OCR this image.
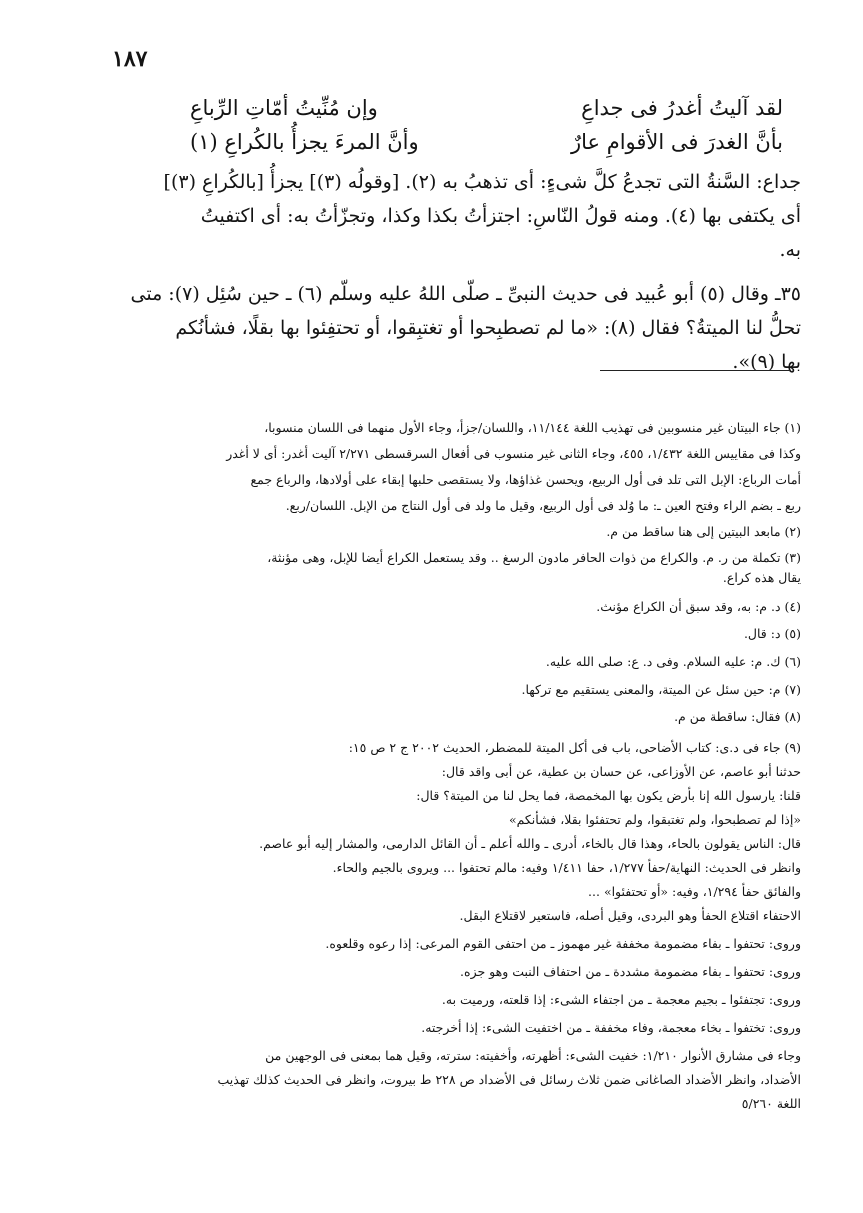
١٨٧
لقد آليتُ أغدرُ فى جداعِ
وإن مُنِّيتُ أمّاتِ الرِّباعِ
بأنَّ الغدرَ فى الأقوامِ عارٌ
وأنَّ المرءَ يجزأُ بالكُراعِ (١)
جداع: السَّنةُ التى تجدعُ كلَّ شىءٍ: أى تذهبُ به (٢). [وقولُه (٣)] يجزأُ [بالكُراعِ (٣)]
أى يكتفى بها (٤). ومنه قولُ النّاسِ: اجتزأتُ بكذا وكذا، وتجزّأتُ به: أى اكتفيتُ
به.
٣٥ـ وقال (٥) أبو عُبيد فى حديث النبىِّ ـ صلّى اللهُ عليه وسلّم (٦) ـ حين سُئِل (٧): متى
تحلُّ لنا الميتةُ؟ فقال (٨): «ما لم تصطبِحوا أو تغتبِقوا، أو تحتفِئوا بها بقلًا، فشأنُكم
بها (٩)».
(١) جاء البيتان غير منسوبين فى تهذيب اللغة ١١/١٤٤، واللسان/جزأ، وجاء الأول منهما فى اللسان منسوبا،
وكذا فى مقاييس اللغة ١/٤٣٢، ٤٥٥، وجاء الثانى غير منسوب فى أفعال السرقسطى ٢/٢٧١ آليت أغدر: أى لا أغدر
أمات الرباع: الإبل التى تلد فى أول الربيع، ويحسن غذاؤها، ولا يستقصى حلبها إبقاء على أولادها، والرباع جمع
ربع ـ بضم الراء وفتح العين ـ: ما وُلد فى أول الربيع، وقيل ما ولد فى أول النتاج من الإبل. اللسان/ربع.
(٢) مابعد البيتين إلى هنا ساقط من م.
(٣) تكملة من ر. م. والكراع من ذوات الحافر مادون الرسغ .. وقد يستعمل الكراع أيضا للإبل، وهى مؤنثة،
يقال هذه كراع.
(٤) د. م: به، وقد سبق أن الكراع مؤنث.
(٥) د: قال.
(٦) ك. م: عليه السلام. وفى د. ع: صلى الله عليه.
(٧) م: حين سئل عن الميتة، والمعنى يستقيم مع تركها.
(٨) فقال: ساقطة من م.
(٩) جاء فى د.ى: كتاب الأضاحى، باب فى أكل الميتة للمضطر، الحديث ٢٠٠٢ ج ٢ ص ١٥:
حدثنا أبو عاصم، عن الأوزاعى، عن حسان بن عطية، عن أبى واقد قال:
قلنا: يارسول الله إنا بأرض يكون بها المخمصة، فما يحل لنا من الميتة؟ قال:
«إذا لم تصطبحوا، ولم تغتبقوا، ولم تحتفئوا بقلا، فشأنكم»
قال: الناس يقولون بالحاء، وهذا قال بالخاء، أدرى ـ والله أعلم ـ أن القائل الدارمى، والمشار إليه أبو عاصم.
وانظر فى الحديث: النهاية/حفأ ١/٢٧٧، حفا ١/٤١١ وفيه: مالم تحتفوا ... ويروى بالجيم والحاء.
والفائق حفأ ١/٢٩٤، وفيه: «أو تحتفئوا» ...
الاحتفاء اقتلاع الحفأ وهو البردى، وقيل أصله، فاستعير لاقتلاع البقل.
وروى: تحتفوا ـ بفاء مضمومة مخففة غير مهموز ـ من احتفى القوم المرعى: إذا رعوه وقلعوه.
وروى: تحتفوا ـ بفاء مضمومة مشددة ـ من احتفاف النبت وهو جزه.
وروى: تجتفئوا ـ بجيم معجمة ـ من اجتفاء الشىء: إذا قلعته، ورميت به.
وروى: تختفوا ـ بخاء معجمة، وفاء مخففة ـ من اختفيت الشىء: إذا أخرجته.
وجاء فى مشارق الأنوار ١/٢١٠: خفيت الشىء: أظهرته، وأخفيته: سترته، وقيل هما بمعنى فى الوجهين من
الأضداد، وانظر الأضداد الصاغانى ضمن ثلاث رسائل فى الأضداد ص ٢٢٨ ط بيروت، وانظر فى الحديث كذلك تهذيب
اللغة ٥/٢٦٠
